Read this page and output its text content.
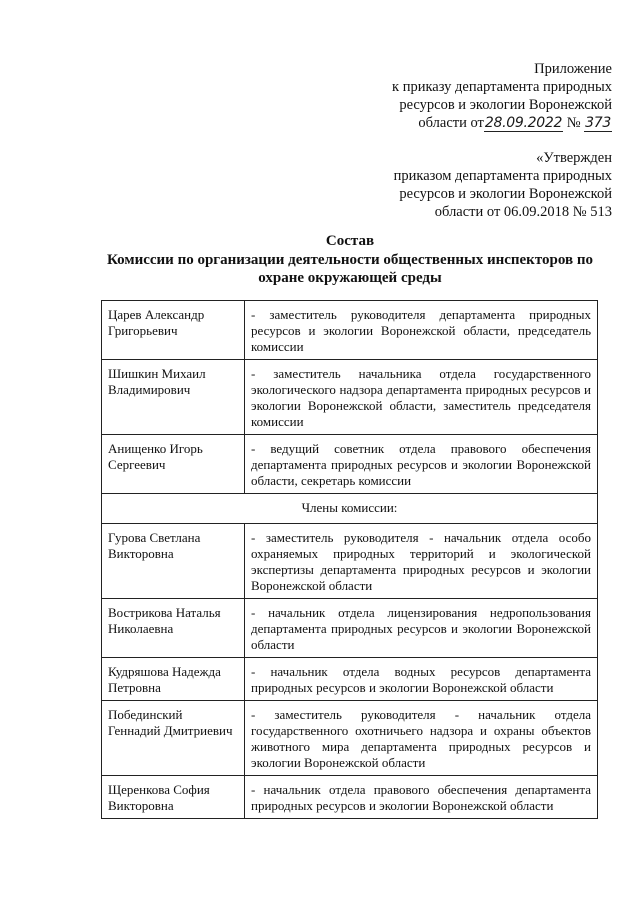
Приложение
к приказу департамента природных
ресурсов и экологии Воронежской
области от28.09.2022 № 373
«Утвержден
приказом департамента природных
ресурсов и экологии Воронежской
области от 06.09.2018 № 513
Состав
Комиссии по организации деятельности общественных инспекторов по охране окружающей среды
Царев Александр Григорьевич	- заместитель руководителя департамента природных ресурсов и экологии Воронежской области, председатель комиссии
Шишкин Михаил Владимирович	- заместитель начальника отдела государственного экологического надзора департамента природных ресурсов и экологии Воронежской области, заместитель председателя комиссии
Анищенко Игорь Сергеевич	- ведущий советник отдела правового обеспечения департамента природных ресурсов и экологии Воронежской области, секретарь комиссии
Члены комиссии:	
Гурова Светлана Викторовна	- заместитель руководителя - начальник отдела особо охраняемых природных территорий и экологической экспертизы департамента природных ресурсов и экологии Воронежской области
Вострикова Наталья Николаевна	- начальник отдела лицензирования недропользования департамента природных ресурсов и экологии Воронежской области
Кудряшова Надежда Петровна	- начальник отдела водных ресурсов департамента природных ресурсов и экологии Воронежской области
Побединский Геннадий Дмитриевич	- заместитель руководителя - начальник отдела государственного охотничьего надзора и охраны объектов животного мира департамента природных ресурсов и экологии Воронежской области
Щеренкова София Викторовна	- начальник отдела правового обеспечения департамента природных ресурсов и экологии Воронежской области
